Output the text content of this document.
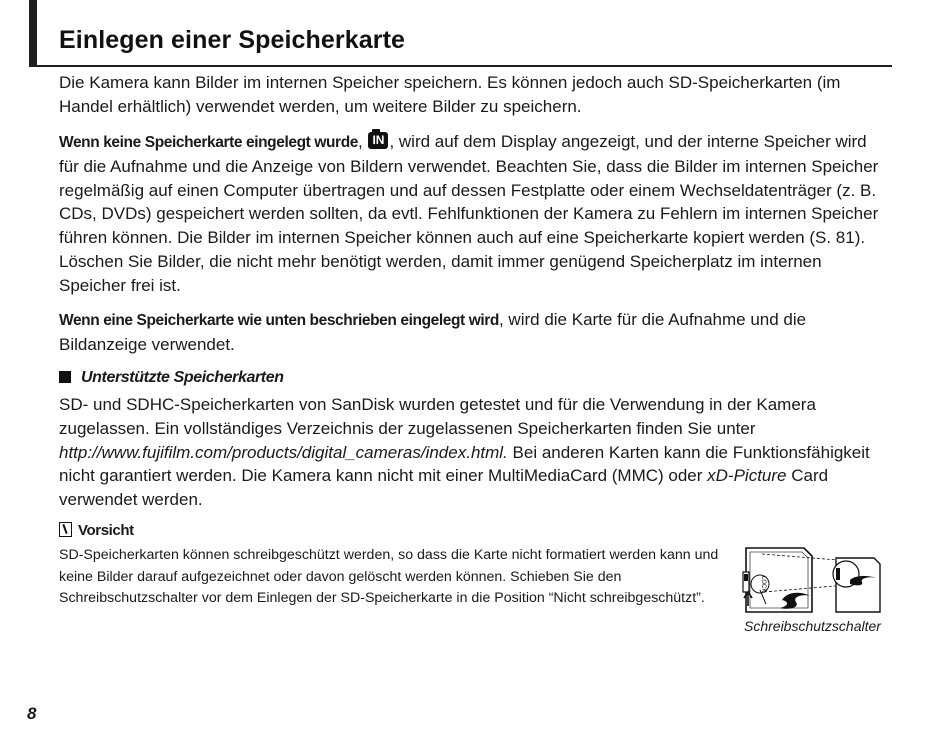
Einlegen einer Speicherkarte

Die Kamera kann Bilder im internen Speicher speichern. Es können jedoch auch SD-Speicherkarten (im Handel erhältlich) verwendet werden, um weitere Bilder zu speichern.

Wenn keine Speicherkarte eingelegt wurde, IN , wird auf dem Display angezeigt, und der interne Speicher wird für die Aufnahme und die Anzeige von Bildern verwendet. Beachten Sie, dass die Bilder im internen Speicher regelmäßig auf einen Computer übertragen und auf dessen Festplatte oder einem Wechseldatenträger (z. B. CDs, DVDs) gespeichert werden sollten, da evtl. Fehlfunktionen der Kamera zu Fehlern im internen Speicher führen können. Die Bilder im internen Speicher können auch auf eine Speicherkarte kopiert werden (S. 81). Löschen Sie Bilder, die nicht mehr benötigt werden, damit immer genügend Speicherplatz im internen Speicher frei ist.

Wenn eine Speicherkarte wie unten beschrieben eingelegt wird, wird die Karte für die Aufnahme und die Bildanzeige verwendet.

Unterstützte Speicherkarten

SD- und SDHC-Speicherkarten von SanDisk wurden getestet und für die Verwendung in der Kamera zugelassen. Ein vollständiges Verzeichnis der zugelassenen Speicherkarten finden Sie unter http://www.fujifilm.com/products/digital_cameras/index.html. Bei anderen Karten kann die Funktionsfähigkeit nicht garantiert werden. Die Kamera kann nicht mit einer MultiMediaCard (MMC) oder xD-Picture Card verwendet werden.

Vorsicht

SD-Speicherkarten können schreibgeschützt werden, so dass die Karte nicht formatiert werden kann und keine Bilder darauf aufgezeichnet oder davon gelöscht werden können. Schieben Sie den Schreibschutzschalter vor dem Einlegen der SD-Speicherkarte in die Position “Nicht schreibgeschützt”.

LOCK

Schreibschutzschalter

8
